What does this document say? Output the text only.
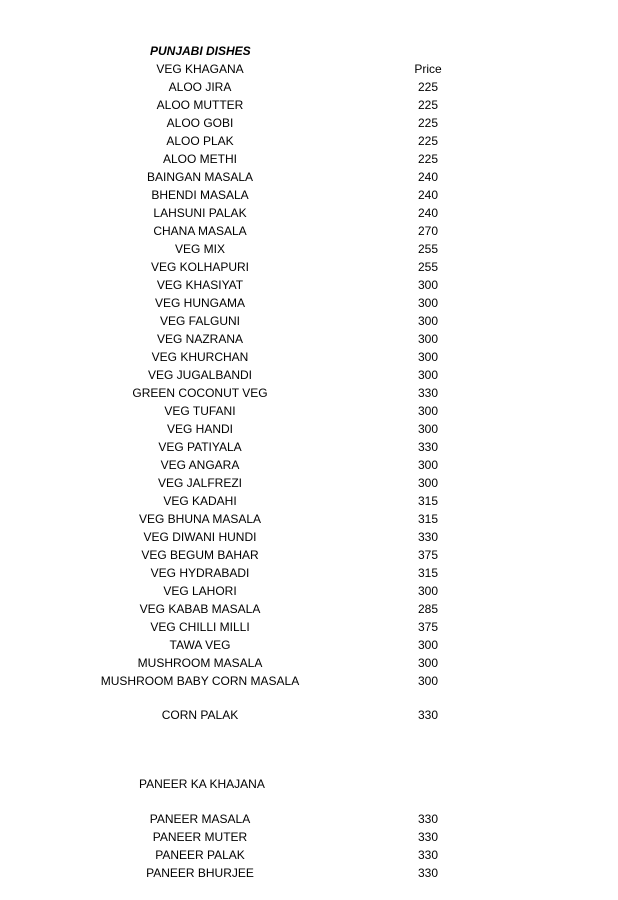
PUNJABI DISHES
VEG KHAGANA	Price
ALOO JIRA	225
ALOO MUTTER	225
ALOO GOBI	225
ALOO PLAK	225
ALOO METHI	225
BAINGAN MASALA	240
BHENDI MASALA	240
LAHSUNI PALAK	240
CHANA MASALA	270
VEG MIX	255
VEG KOLHAPURI	255
VEG KHASIYAT	300
VEG HUNGAMA	300
VEG FALGUNI	300
VEG NAZRANA	300
VEG KHURCHAN	300
VEG JUGALBANDI	300
GREEN COCONUT VEG	330
VEG TUFANI	300
VEG HANDI	300
VEG PATIYALA	330
VEG ANGARA	300
VEG JALFREZI	300
VEG KADAHI	315
VEG BHUNA MASALA	315
VEG DIWANI HUNDI	330
VEG BEGUM BAHAR	375
VEG HYDRABADI	315
VEG LAHORI	300
VEG KABAB MASALA	285
VEG CHILLI MILLI	375
TAWA VEG	300
MUSHROOM MASALA	300
MUSHROOM BABY CORN MASALA	300
CORN PALAK	330
PANEER KA KHAJANA
PANEER MASALA	330
PANEER MUTER	330
PANEER PALAK	330
PANEER BHURJEE	330
